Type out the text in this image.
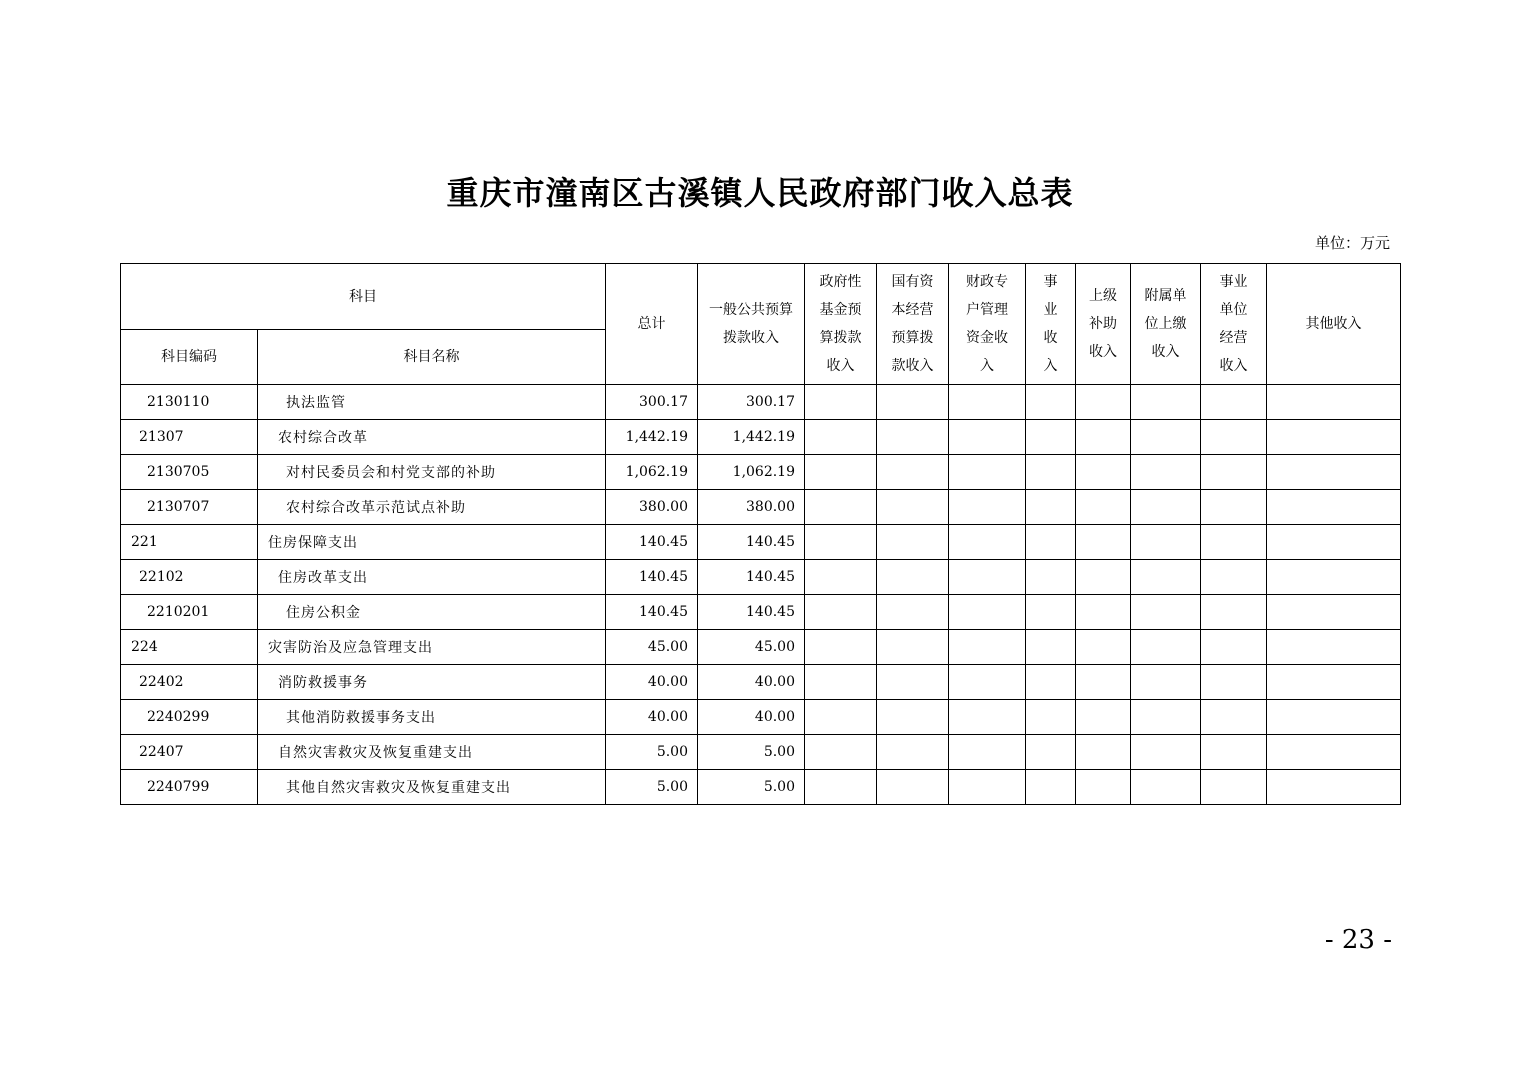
重庆市潼南区古溪镇人民政府部门收入总表
单位：万元
科目		总计	一般公共预算拨款收入	政府性基金预算拨款收入	国有资本经营预算拨款收入	财政专户管理资金收入	事业收入	上级补助收入	附属单位上缴收入	事业单位经营收入	其他收入
科目编码	科目名称										
2130110	执法监管	300.17	300.17								
21307	农村综合改革	1,442.19	1,442.19								
2130705	对村民委员会和村党支部的补助	1,062.19	1,062.19								
2130707	农村综合改革示范试点补助	380.00	380.00								
221	住房保障支出	140.45	140.45								
22102	住房改革支出	140.45	140.45								
2210201	住房公积金	140.45	140.45								
224	灾害防治及应急管理支出	45.00	45.00								
22402	消防救援事务	40.00	40.00								
2240299	其他消防救援事务支出	40.00	40.00								
22407	自然灾害救灾及恢复重建支出	5.00	5.00								
2240799	其他自然灾害救灾及恢复重建支出	5.00	5.00								
- 23 -
